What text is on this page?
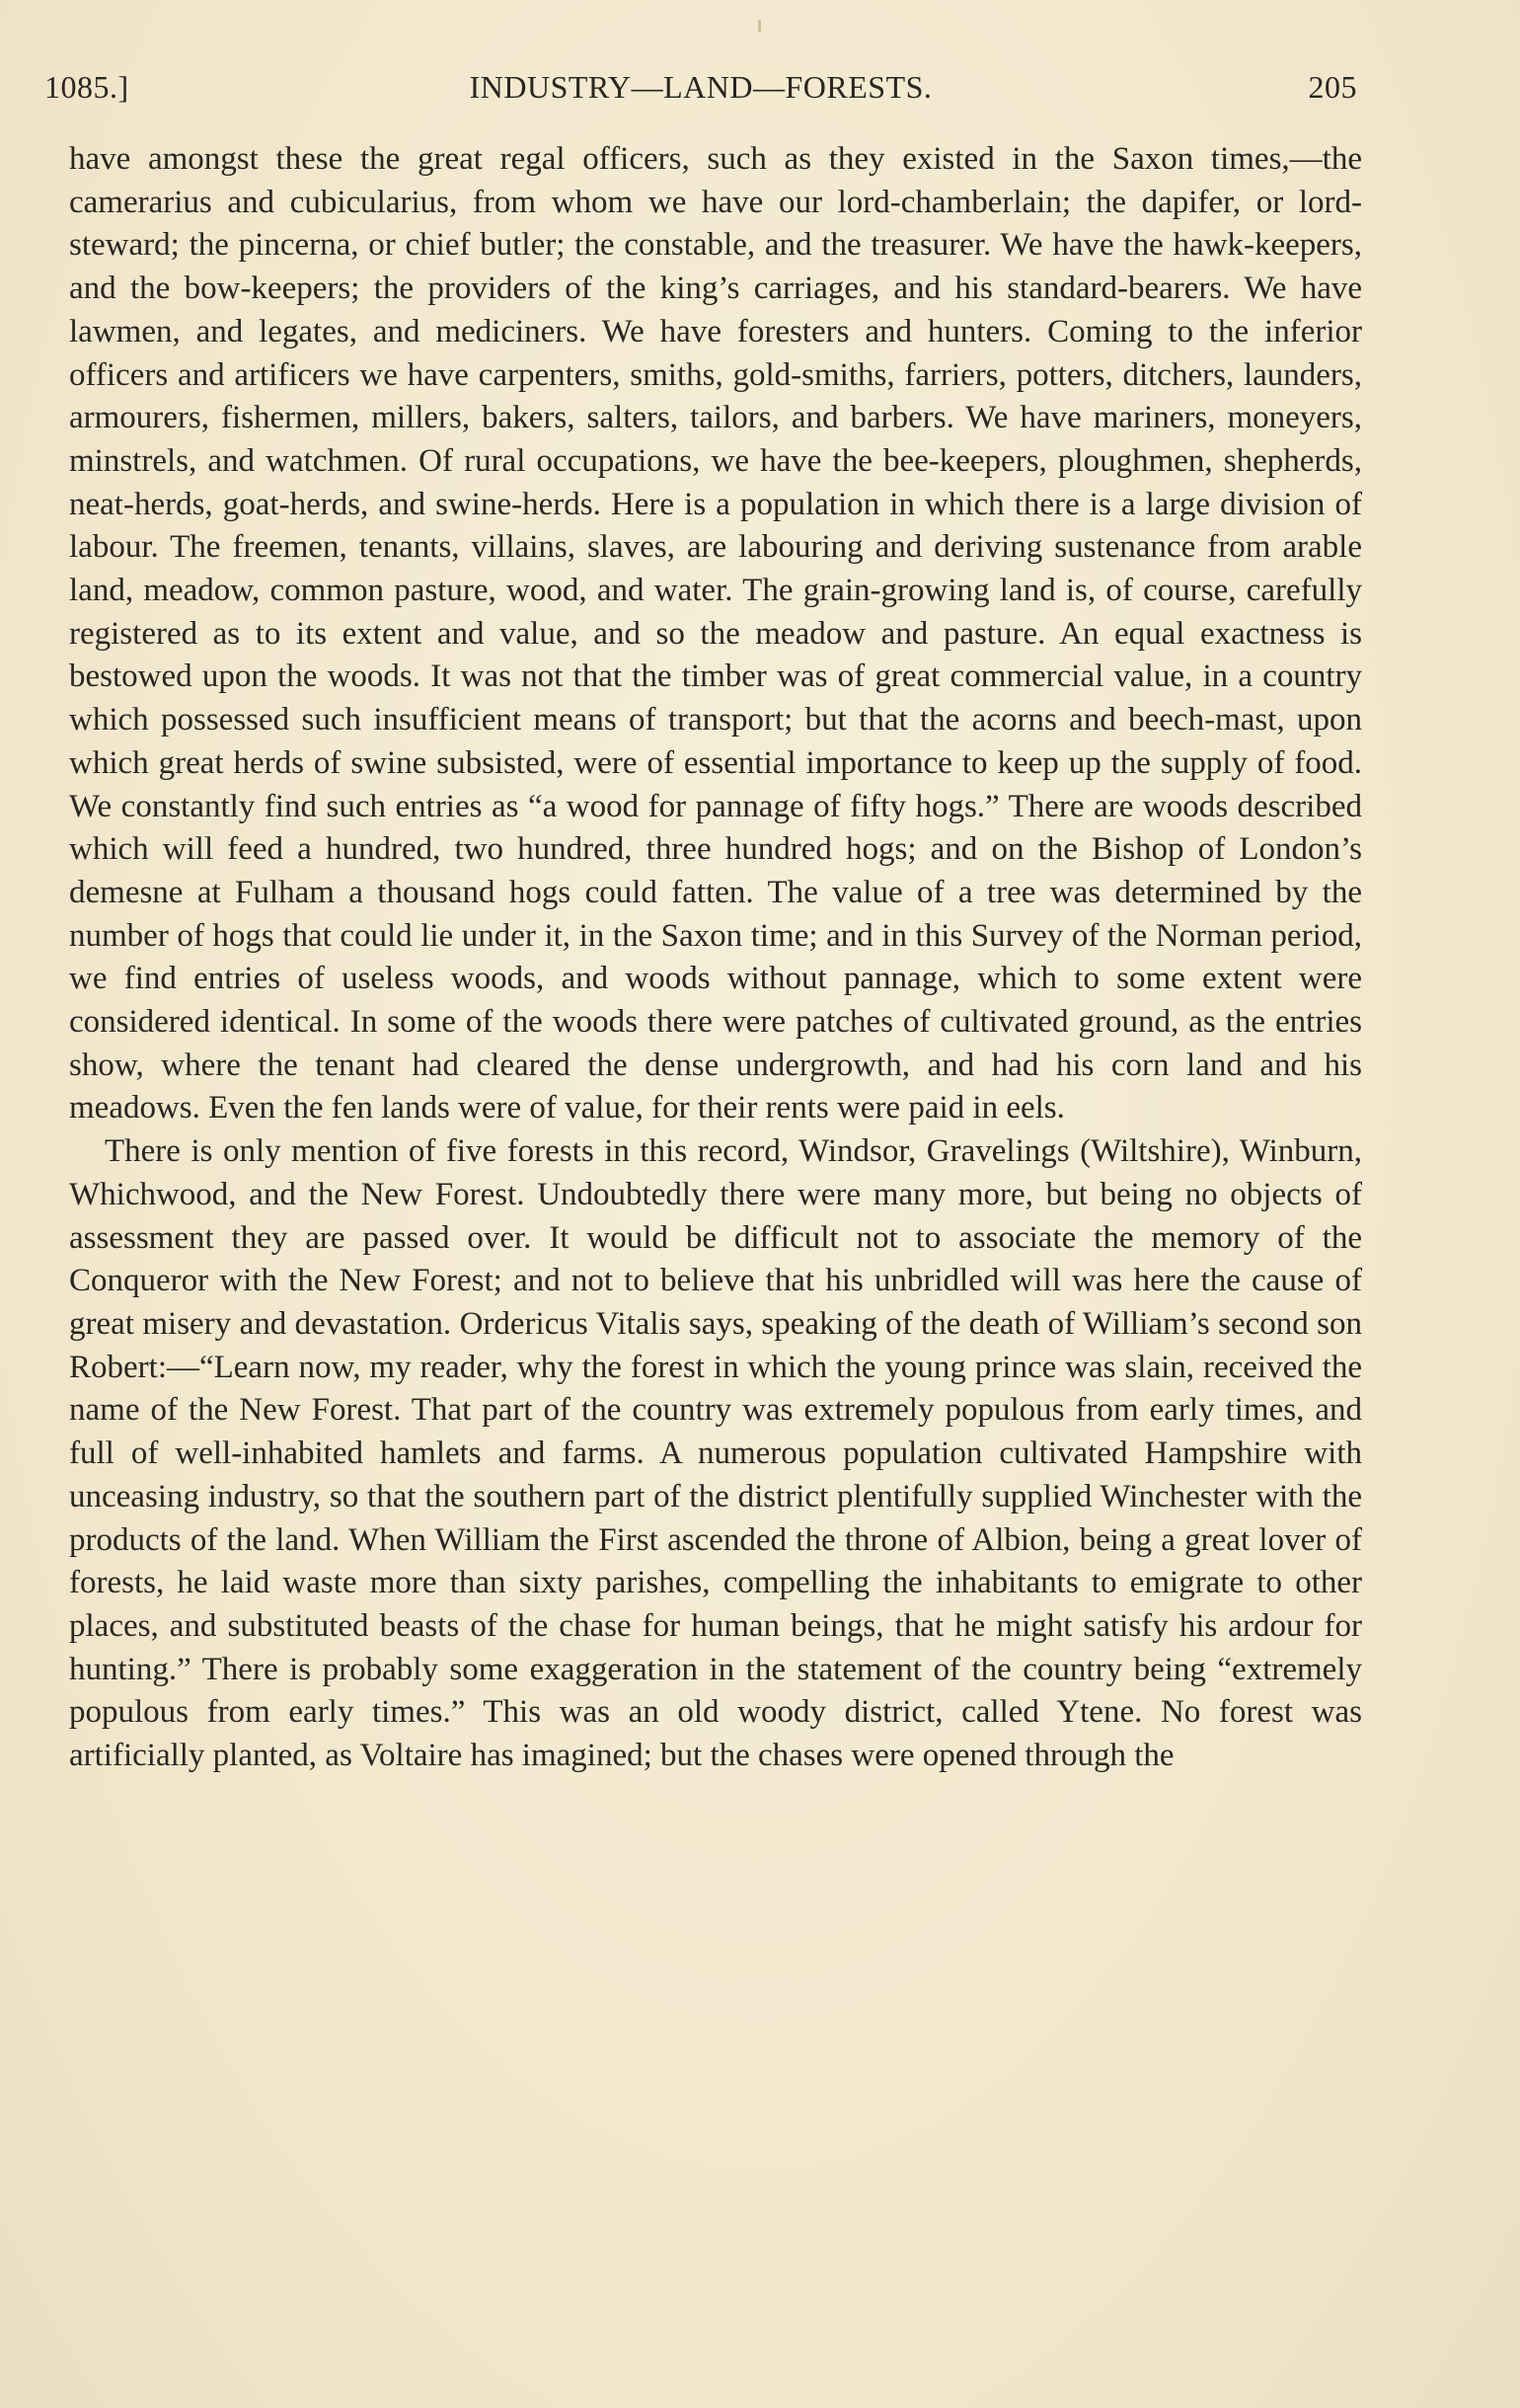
1085.]	INDUSTRY—LAND—FORESTS.	205

have amongst these the great regal officers, such as they existed in the Saxon times,—the camerarius and cubicularius, from whom we have our lord-chamberlain; the dapifer, or lord-steward; the pincerna, or chief butler; the constable, and the treasurer. We have the hawk-keepers, and the bow-keepers; the providers of the king’s carriages, and his standard-bearers. We have lawmen, and legates, and mediciners. We have foresters and hunters. Coming to the inferior officers and artificers we have carpenters, smiths, gold-smiths, farriers, potters, ditchers, launders, armourers, fishermen, millers, bakers, salters, tailors, and barbers. We have mariners, moneyers, minstrels, and watchmen. Of rural occupations, we have the bee-keepers, ploughmen, shepherds, neat-herds, goat-herds, and swine-herds. Here is a population in which there is a large division of labour. The freemen, tenants, villains, slaves, are labouring and deriving sustenance from arable land, meadow, common pasture, wood, and water. The grain-growing land is, of course, carefully registered as to its extent and value, and so the meadow and pasture. An equal exactness is bestowed upon the woods. It was not that the timber was of great commercial value, in a country which possessed such insufficient means of transport; but that the acorns and beech-mast, upon which great herds of swine subsisted, were of essential importance to keep up the supply of food. We constantly find such entries as “a wood for pannage of fifty hogs.” There are woods described which will feed a hundred, two hundred, three hundred hogs; and on the Bishop of London’s demesne at Fulham a thousand hogs could fatten. The value of a tree was determined by the number of hogs that could lie under it, in the Saxon time; and in this Survey of the Norman period, we find entries of useless woods, and woods without pannage, which to some extent were considered identical. In some of the woods there were patches of cultivated ground, as the entries show, where the tenant had cleared the dense undergrowth, and had his corn land and his meadows. Even the fen lands were of value, for their rents were paid in eels.

There is only mention of five forests in this record, Windsor, Gravelings (Wiltshire), Winburn, Whichwood, and the New Forest. Undoubtedly there were many more, but being no objects of assessment they are passed over. It would be difficult not to associate the memory of the Conqueror with the New Forest; and not to believe that his unbridled will was here the cause of great misery and devastation. Ordericus Vitalis says, speaking of the death of William’s second son Robert:—“Learn now, my reader, why the forest in which the young prince was slain, received the name of the New Forest. That part of the country was extremely populous from early times, and full of well-inhabited hamlets and farms. A numerous population cultivated Hampshire with unceasing industry, so that the southern part of the district plentifully supplied Winchester with the products of the land. When William the First ascended the throne of Albion, being a great lover of forests, he laid waste more than sixty parishes, compelling the inhabitants to emigrate to other places, and substituted beasts of the chase for human beings, that he might satisfy his ardour for hunting.” There is probably some exaggeration in the statement of the country being “extremely populous from early times.” This was an old woody district, called Ytene. No forest was artificially planted, as Voltaire has imagined; but the chases were opened through the
